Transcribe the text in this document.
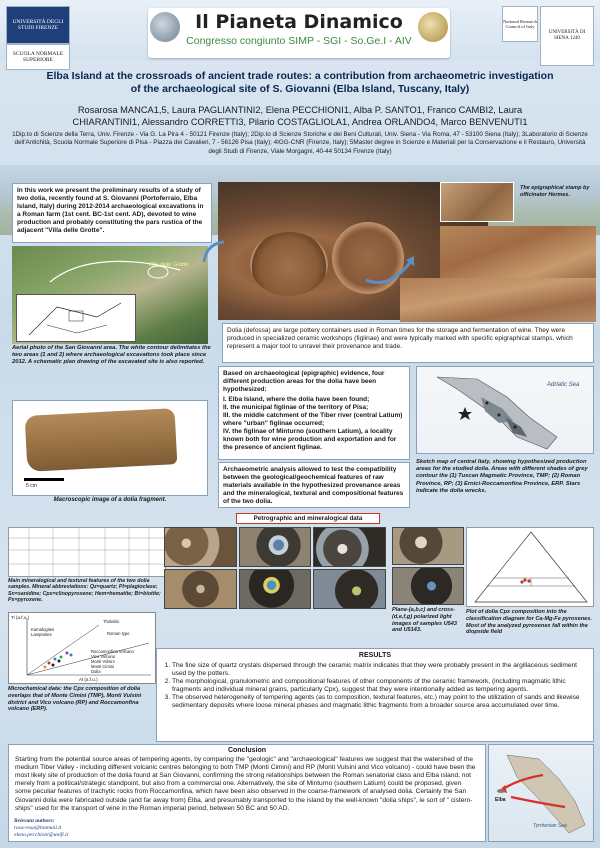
UNIVERSITÀ DEGLI STUDI FIRENZE
SCUOLA NORMALE SUPERIORE
Il Pianeta Dinamico
Congresso congiunto SIMP - SGI - So.Ge.I - AIV
National Research Council of Italy
UNIVERSITÀ DI SIENA 1240
Elba Island at the crossroads of ancient trade routes: a contribution from archaeometric investigation
of the archaeological site of S. Giovanni (Elba Island, Tuscany, Italy)
Rosarosa MANCA1,5, Laura PAGLIANTINI2, Elena PECCHIONI1, Alba P. SANTO1, Franco CAMBI2, Laura
CHIARANTINI1, Alessandro CORRETTI3, Pilario COSTAGLIOLA1, Andrea ORLANDO4, Marco BENVENUTI1
1Dip.to di Scienze della Terra, Univ. Firenze - Via G. La Pira 4 - 50121 Firenze (Italy); 2Dip.to di Scienze Storiche e dei Beni Culturali, Univ. Siena - Via Roma, 47 - 53100 Siena (Italy); 3Laboratorio di Scienze dell'Antichità, Scuola Normale Superiore di Pisa - Piazza dei Cavalieri, 7 - 56126 Pisa (Italy); 4IGG-CNR (Firenze, Italy); 5Master degree in Scienze e Materiali per la Conservazione e il Restauro, Università degli Studi di Firenze, Viale Morgagni, 40-44 50134 Firenze (Italy)
In this work we present the preliminary results of a study of two dolia, recently found at S. Giovanni (Portoferraio, Elba Island, Italy) during 2012-2014 archaeological excavations in a Roman farm (1st cent. BC-1st cent. AD), devoted to wine production and probably constituting the pars rustica of the adjacent "Villa delle Grotte".
Villa delle Grotte
Aerial photo of the San Giovanni area. The white contour delimitates the two areas (1 and 2) where archaeological excavations took place since 2012. A schematic plan drawing of the excavated site is also reported.
The epigraphical stamp by officinator Hermes.
Dolia (defossa) are large pottery containers used in Roman times for the storage and fermentation of wine. They were produced in specialized ceramic workshops (figlinae) and were typically marked with specific epigraphical stamps, which represent a major tool to unravel their provenance and trade.
5 cm
Macroscopic image of a dolia fragment.
Based on archaeological (epigraphic) evidence, four different production areas for the dolia have been hypothesized:
I. Elba Island, where the dolia have been found;
II. the municipal figlinae of the territory of Pisa;
III. the middle catchment of the Tiber river (central Latium) where "urban" figlinae occurred;
IV. the figlinae of Minturno (southern Latium), a locality known both for wine production and exportation and for the presence of ancient figlinae.
Adriatic Sea
Sketch map of central Italy, showing hypothesized production areas for the studied dolia. Areas with different shades of grey contour the (1) Tuscan Magmatic Province, TMP; (2) Roman Province, RP; (3) Ernici-Roccamonfina Province, ERP. Stars indicate the dolia wrecks.
Archaeometric analysis allowed to test the compatibility between the geological/geochemical features of raw materials available in the hypothesized provenance areas and the mineralogical, textural and compositional features of the two dolia.
Petrographic and mineralogical data
Main mineralogical and textural features of the two dolia samples. Mineral abbreviations: Qz=quartz; Pl=plagioclase; Sn=sanidine; Cpx=clinopyroxene; Hem=hematite; Bt=biotite; Px=pyroxene.
Plane-(a,b,c) and cross-(d,e,f,g) polarized light images of samples U543 and U5143.
Plot of dolia Cpx composition into the classification diagram for Ca-Mg-Fe pyroxenes. Most of the analyzed pyroxenes fall within the diopside field
Ti (a.f.u.)
Al (a.f.u.)
Kamafugites Lamproites	Roman type
Tholeiitic
Roccamonfina Volcano
Vico Volcano
Monti Volsini
Monti Cimini
Dolia
Microchemical data: the Cpx composition of dolia overlaps that of Monte Cimini (TMP), Monti Vulsini district and Vico volcano (RP) and Roccamonfina volcano (ERP).
RESULTS
1. The fine size of quartz crystals dispersed through the ceramic matrix indicates that they were probably present in the argillaceous sediment used by the potters.
2. The morphological, granulometric and compositional features of other components of the ceramic framework, (including magmatic lithic fragments and individual mineral grains, particularly Cpx), suggest that they were intentionally added as tempering agents.
3. The observed heterogeneity of tempering agents (as to composition, textural features, etc.) may point to the utilization of sands and likewise sedimentary deposits where loose mineral phases and magmatic lithic fragments from a broader source area accumulated over time.
Conclusion
Starting from the potential source areas of tempering agents, by comparing the "geologic" and "archaeological" features we suggest that the watershed of the medium Tiber Valley - including different volcanic centres belonging to both TMP (Monti Cimini) and RP (Monti Vulsini and Vico volcano) - could have been the most likely site of production of the dolia found at San Giovanni, confirming the strong relationships between the Roman senatorial class and Elba island, not merely from a political/strategic standpoint, but also from a commercial one. Alternatively, the site of Minturno (southern Latium) could be proposed, given some peculiar features of trachytic rocks from Roccamonfina, which have been also observed in the coarse-framework of analysed dolia. Certainly the San Giovanni dolia were fabricated outside (and far away from) Elba, and presumably transported to the island by the well-known "dolia ships", ie sort of " cistern-ships" used for the transport of wine in the Roman imperial period, between 50 BC and 50 AD.
Relevant authors:
rosa-rosa@hotmail.it
elena.pecchioni@unifi.it
Tyrrhenian Sea
Elba
